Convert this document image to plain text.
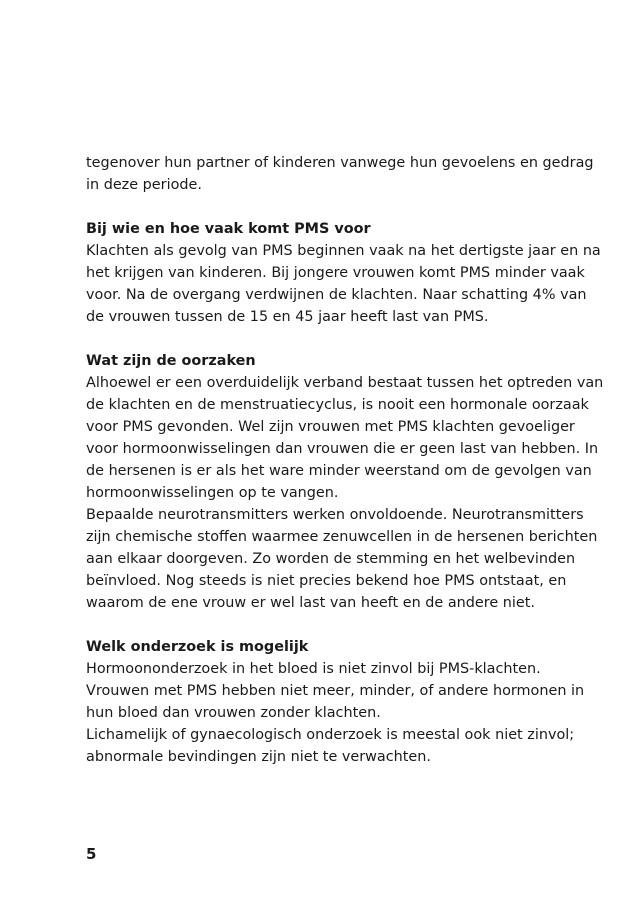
tegenover hun partner of kinderen vanwege hun gevoelens en gedrag
in deze periode.
Bij wie en hoe vaak komt PMS voor
Klachten als gevolg van PMS beginnen vaak na het dertigste jaar en na
het krijgen van kinderen. Bij jongere vrouwen komt PMS minder vaak
voor. Na de overgang verdwijnen de klachten. Naar schatting 4% van
de vrouwen tussen de 15 en 45 jaar heeft last van PMS.
Wat zijn de oorzaken
Alhoewel er een overduidelijk verband bestaat tussen het optreden van
de klachten en de menstruatiecyclus, is nooit een hormonale oorzaak
voor PMS gevonden. Wel zijn vrouwen met PMS klachten gevoeliger
voor hormoonwisselingen dan vrouwen die er geen last van hebben. In
de hersenen is er als het ware minder weerstand om de gevolgen van
hormoonwisselingen op te vangen.
Bepaalde neurotransmitters werken onvoldoende. Neurotransmitters
zijn chemische stoffen waarmee zenuwcellen in de hersenen berichten
aan elkaar doorgeven. Zo worden de stemming en het welbevinden
beïnvloed. Nog steeds is niet precies bekend hoe PMS ontstaat, en
waarom de ene vrouw er wel last van heeft en de andere niet.
Welk onderzoek is mogelijk
Hormoononderzoek in het bloed is niet zinvol bij PMS-klachten.
Vrouwen met PMS hebben niet meer, minder, of andere hormonen in
hun bloed dan vrouwen zonder klachten.
Lichamelijk of gynaecologisch onderzoek is meestal ook niet zinvol;
abnormale bevindingen zijn niet te verwachten.
5
